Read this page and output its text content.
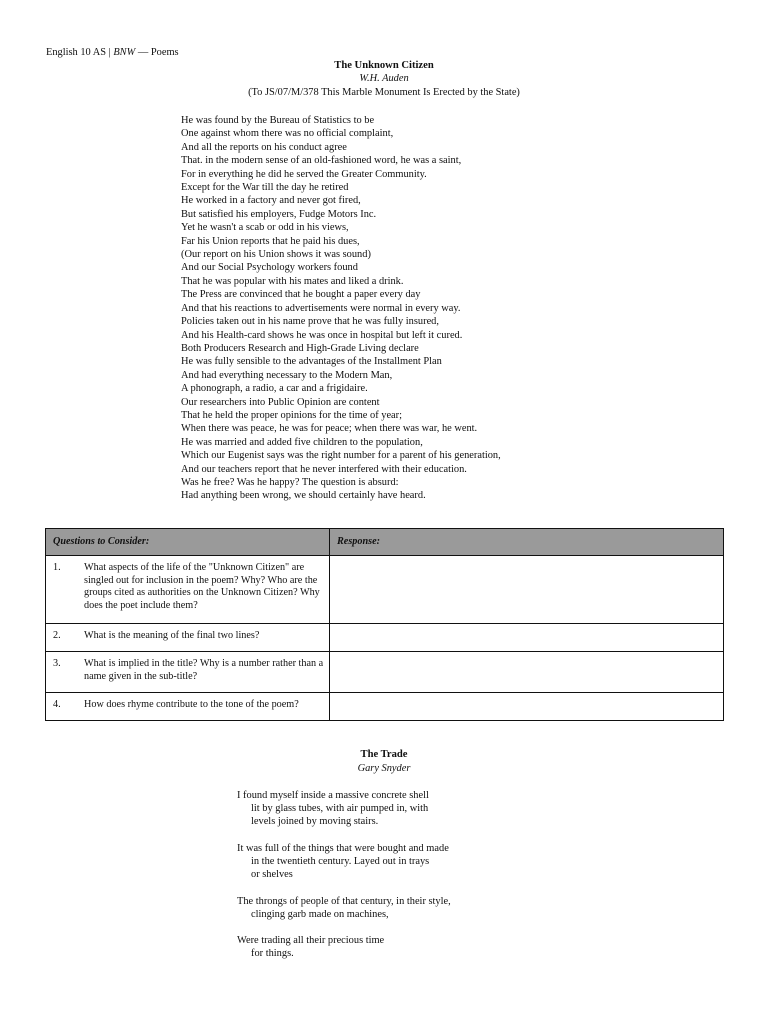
English 10 AS | BNW — Poems
The Unknown Citizen
W.H. Auden
(To JS/07/M/378 This Marble Monument Is Erected by the State)
He was found by the Bureau of Statistics to be
One against whom there was no official complaint,
And all the reports on his conduct agree
That. in the modern sense of an old-fashioned word, he was a saint,
For in everything he did he served the Greater Community.
Except for the War till the day he retired
He worked in a factory and never got fired,
But satisfied his employers, Fudge Motors Inc.
Yet he wasn't a scab or odd in his views,
Far his Union reports that he paid his dues,
(Our report on his Union shows it was sound)
And our Social Psychology workers found
That he was popular with his mates and liked a drink.
The Press are convinced that he bought a paper every day
And that his reactions to advertisements were normal in every way.
Policies taken out in his name prove that he was fully insured,
And his Health-card shows he was once in hospital but left it cured.
Both Producers Research and High-Grade Living declare
He was fully sensible to the advantages of the Installment Plan
And had everything necessary to the Modern Man,
A phonograph, a radio, a car and a frigidaire.
Our researchers into Public Opinion are content
That he held the proper opinions for the time of year;
When there was peace, he was for peace; when there was war, he went.
He was married and added five children to the population,
Which our Eugenist says was the right number for a parent of his generation,
And our teachers report that he never interfered with their education.
Was he free? Was he happy? The question is absurd:
Had anything been wrong, we should certainly have heard.
Questions to Consider:	Response:

1. What aspects of the life of the "Unknown Citizen" are singled out for inclusion in the poem? Why? Who are the groups cited as authorities on the Unknown Citizen? Why does the poet include them?	

2. What is the meaning of the final two lines?	

3. What is implied in the title? Why is a number rather than a name given in the sub-title?	

4. How does rhyme contribute to the tone of the poem?	

The Trade
Gary Snyder
I found myself inside a massive concrete shell
lit by glass tubes, with air pumped in, with
levels joined by moving stairs.
It was full of the things that were bought and made
in the twentieth century. Layed out in trays
or shelves
The throngs of people of that century, in their style,
clinging garb made on machines,
Were trading all their precious time
for things.
